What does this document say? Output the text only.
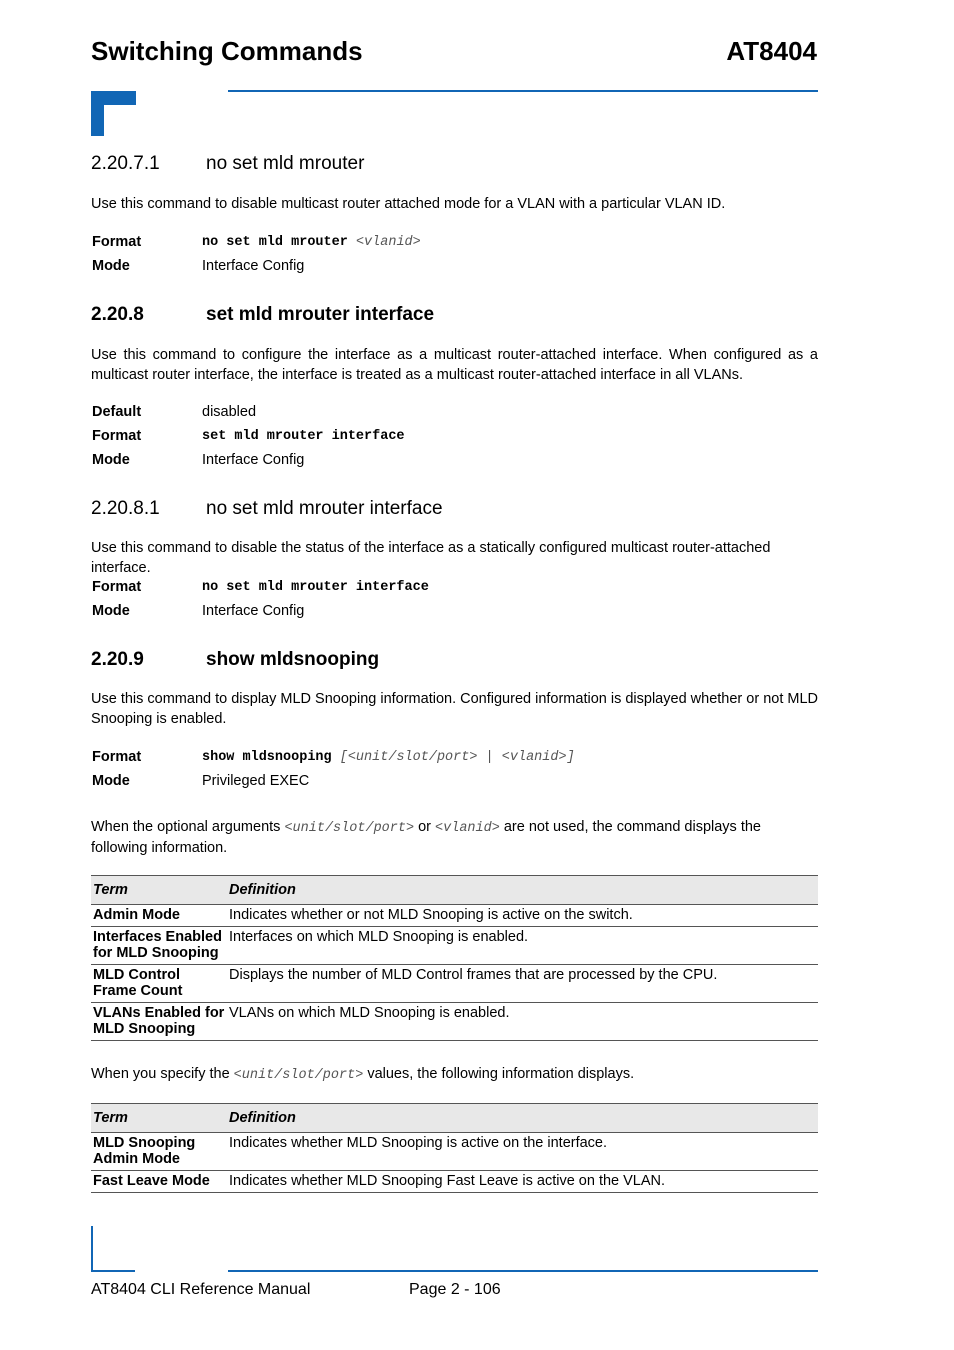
Switching Commands	AT8404
2.20.7.1 no set mld mrouter
Use this command to disable multicast router attached mode for a VLAN with a particular VLAN ID.
Format	no set mld mrouter <vlanid>
Mode	Interface Config
2.20.8	set mld mrouter interface
Use this command to configure the interface as a multicast router-attached interface. When configured as a multicast router interface, the interface is treated as a multicast router-attached interface in all VLANs.
Default	disabled
Format	set mld mrouter interface
Mode	Interface Config
2.20.8.1 no set mld mrouter interface
Use this command to disable the status of the interface as a statically configured multicast router-attached interface.
Format	no set mld mrouter interface
Mode	Interface Config
2.20.9	show mldsnooping
Use this command to display MLD Snooping information. Configured information is displayed whether or not MLD Snooping is enabled.
Format	show mldsnooping [<unit/slot/port> | <vlanid>]
Mode	Privileged EXEC
When the optional arguments <unit/slot/port> or <vlanid> are not used, the command displays the following information.
Term	Definition
Admin Mode	Indicates whether or not MLD Snooping is active on the switch.
Interfaces Enabled for MLD Snooping	Interfaces on which MLD Snooping is enabled.
MLD Control Frame Count	Displays the number of MLD Control frames that are processed by the CPU.
VLANs Enabled for MLD Snooping	VLANs on which MLD Snooping is enabled.
When you specify the <unit/slot/port> values, the following information displays.
Term	Definition
MLD Snooping Admin Mode	Indicates whether MLD Snooping is active on the interface.
Fast Leave Mode	Indicates whether MLD Snooping Fast Leave is active on the VLAN.
AT8404 CLI Reference Manual	Page 2 - 106
